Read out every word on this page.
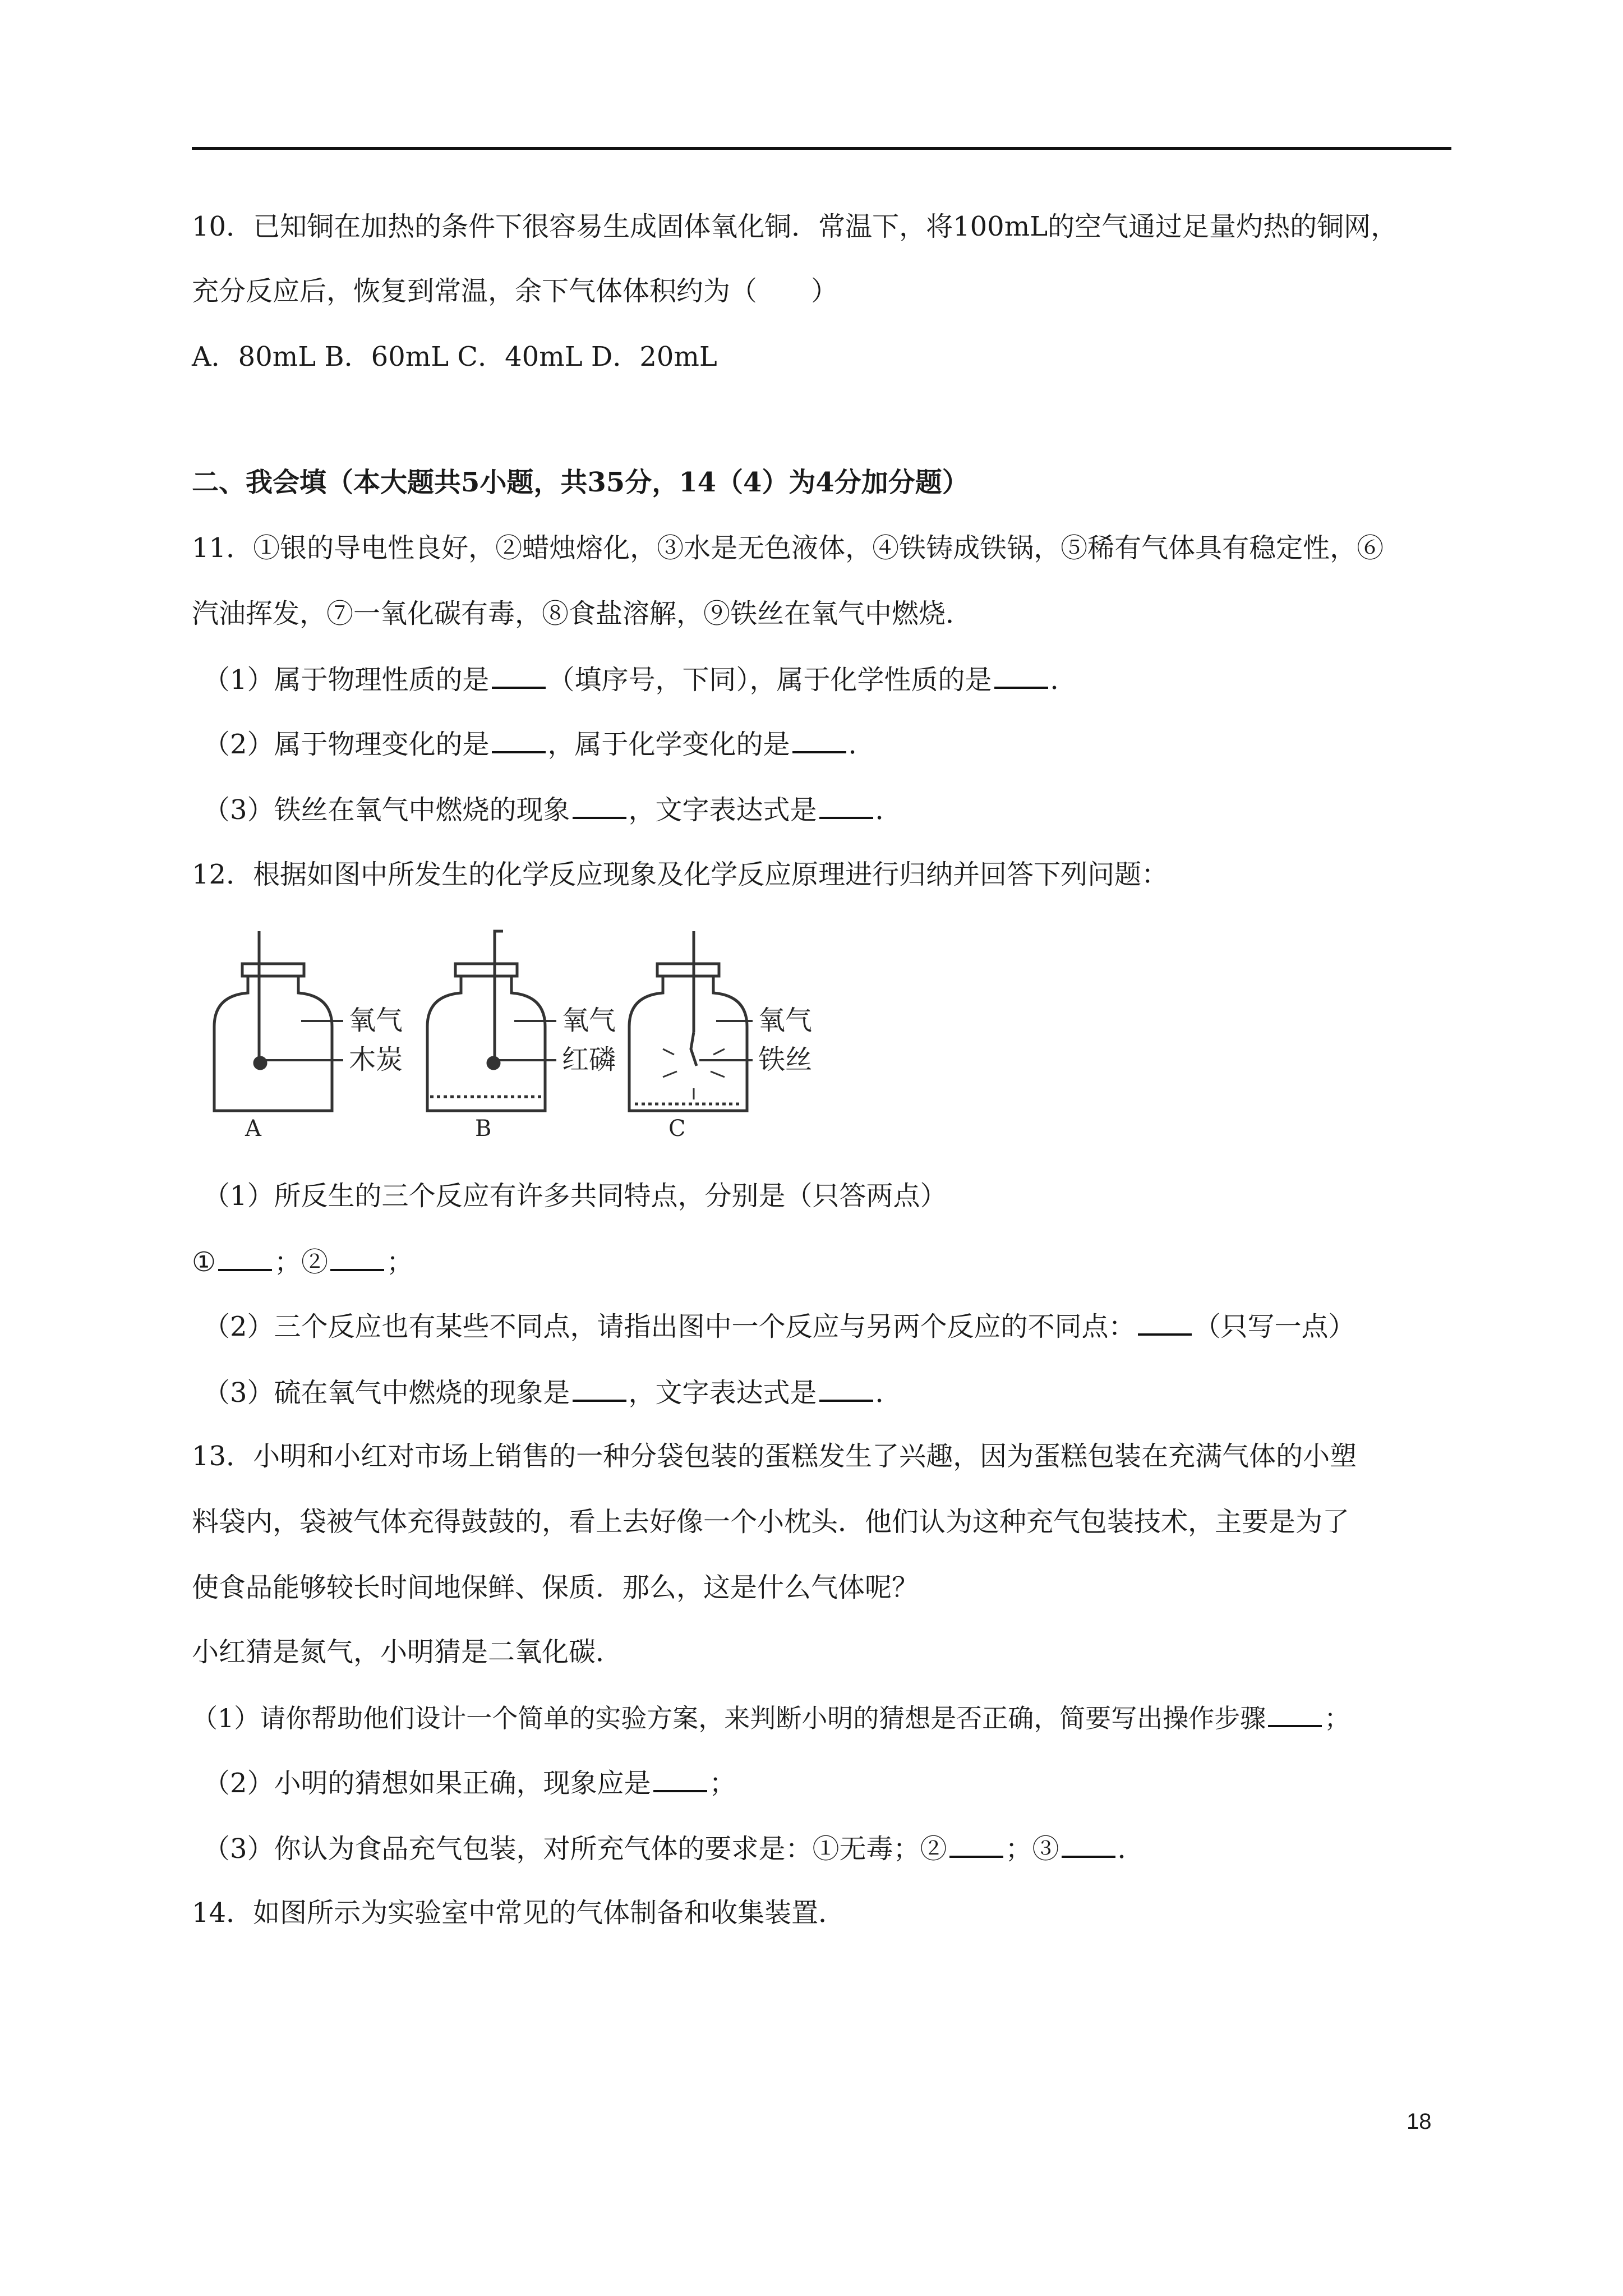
10．已知铜在加热的条件下很容易生成固体氧化铜．常温下，将100mL的空气通过足量灼热的铜网，
充分反应后，恢复到常温，余下气体体积约为（　　）
A．80mL B．60mL C．40mL D．20mL
二、我会填（本大题共5小题，共35分，14（4）为4分加分题）
11．①银的导电性良好，②蜡烛熔化，③水是无色液体，④铁铸成铁锅，⑤稀有气体具有稳定性，⑥
汽油挥发，⑦一氧化碳有毒，⑧食盐溶解，⑨铁丝在氧气中燃烧．
（1）属于物理性质的是 （填序号，下同），属于化学性质的是 ．
（2）属于物理变化的是 ，属于化学变化的是 ．
（3）铁丝在氧气中燃烧的现象 ，文字表达式是 ．
12．根据如图中所发生的化学反应现象及化学反应原理进行归纳并回答下列问题：
氧气
木炭
氧气
红磷
氧气
铁丝
A	B	C
（1）所反生的三个反应有许多共同特点，分别是（只答两点）
① ；② ；
（2）三个反应也有某些不同点，请指出图中一个反应与另两个反应的不同点： （只写一点）
（3）硫在氧气中燃烧的现象是 ，文字表达式是 ．
13．小明和小红对市场上销售的一种分袋包装的蛋糕发生了兴趣，因为蛋糕包装在充满气体的小塑
料袋内，袋被气体充得鼓鼓的，看上去好像一个小枕头．他们认为这种充气包装技术，主要是为了
使食品能够较长时间地保鲜、保质．那么，这是什么气体呢？
小红猜是氮气，小明猜是二氧化碳．
（1）请你帮助他们设计一个简单的实验方案，来判断小明的猜想是否正确，简要写出操作步骤 ；
（2）小明的猜想如果正确，现象应是 ；
（3）你认为食品充气包装，对所充气体的要求是：①无毒；② ；③ ．
14．如图所示为实验室中常见的气体制备和收集装置．
18
